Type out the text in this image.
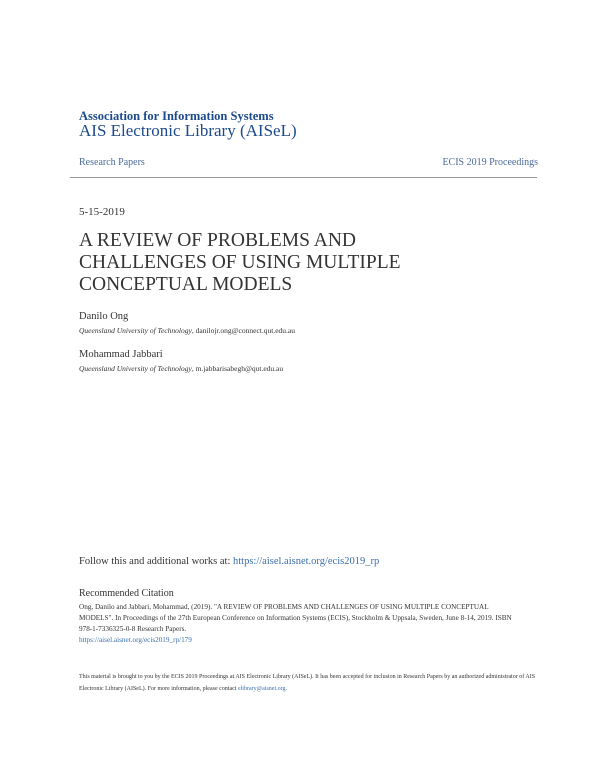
Association for Information Systems
AIS Electronic Library (AISeL)
Research Papers	ECIS 2019 Proceedings
5-15-2019
A REVIEW OF PROBLEMS AND
CHALLENGES OF USING MULTIPLE
CONCEPTUAL MODELS
Danilo Ong
Queensland University of Technology, danilojr.ong@connect.qut.edu.au
Mohammad Jabbari
Queensland University of Technology, m.jabbarisabegh@qut.edu.au
Follow this and additional works at: https://aisel.aisnet.org/ecis2019_rp
Recommended Citation
Ong, Danilo and Jabbari, Mohammad, (2019). "A REVIEW OF PROBLEMS AND CHALLENGES OF USING MULTIPLE CONCEPTUAL MODELS". In Proceedings of the 27th European Conference on Information Systems (ECIS), Stockholm & Uppsala, Sweden, June 8-14, 2019. ISBN 978-1-7336325-0-8 Research Papers.
https://aisel.aisnet.org/ecis2019_rp/179
This material is brought to you by the ECIS 2019 Proceedings at AIS Electronic Library (AISeL). It has been accepted for inclusion in Research Papers by an authorized administrator of AIS Electronic Library (AISeL). For more information, please contact elibrary@aisnet.org.
